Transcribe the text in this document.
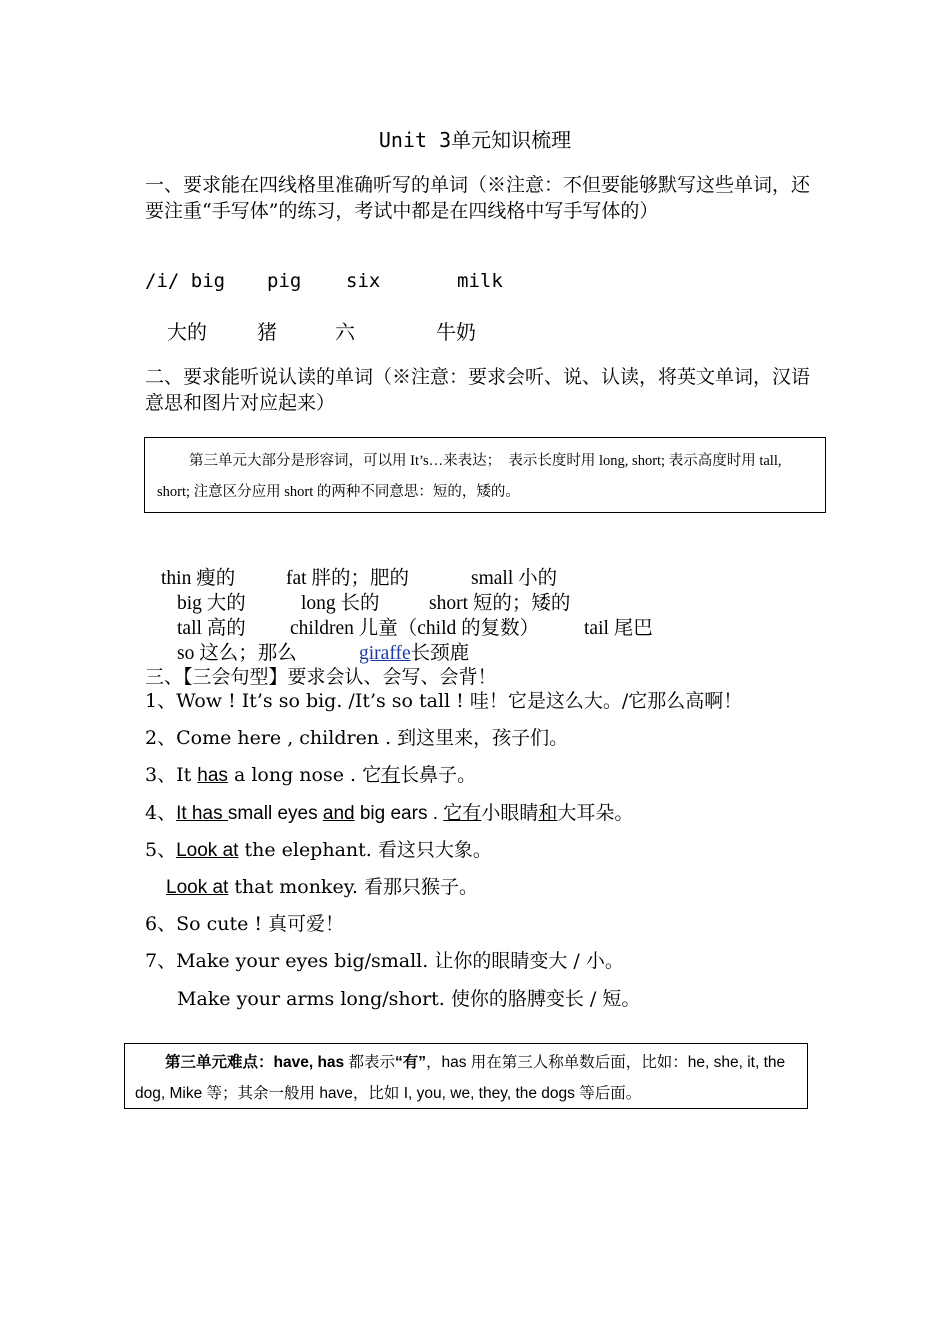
Unit 3单元知识梳理
一、要求能在四线格里准确听写的单词（※注意：不但要能够默写这些单词，还要注重“手写体”的练习，考试中都是在四线格中写手写体的）
/i/ big pig six	milk
大的	猪	六	牛奶
二、要求能听说认读的单词（※注意：要求会听、说、认读，将英文单词，汉语意思和图片对应起来）

第三单元大部分是形容词，可以用 It’s…来表达；　表示长度时用 long, short; 表示高度时用 tall, short; 注意区分应用 short 的两种不同意思：短的，矮的。

thin 瘦的	fat 胖的；肥的	small 小的
big 大的	long 长的	short 短的；矮的
tall 高的 children 儿童（child 的复数） tail 尾巴
so 这么；那么	giraffe长颈鹿
三、【三会句型】要求会认、会写、会背！
1、Wow ! It’s so big. /It’s so tall ! 哇！它是这么大。/它那么高啊！
2、Come here , children . 到这里来，孩子们。
3、It has a long nose . 它有长鼻子。
4、It has small eyes and big ears . 它有小眼睛和大耳朵。
5、Look at the elephant. 看这只大象。
Look at that monkey. 看那只猴子。
6、So cute ! 真可爱！
7、Make your eyes big/small. 让你的眼睛变大 / 小。
Make your arms long/short. 使你的胳膊变长 / 短。

第三单元难点：have, has 都表示“有”，has 用在第三人称单数后面，比如：he, she, it, the dog, Mike 等；其余一般用 have，比如 I, you, we, they, the dogs 等后面。
